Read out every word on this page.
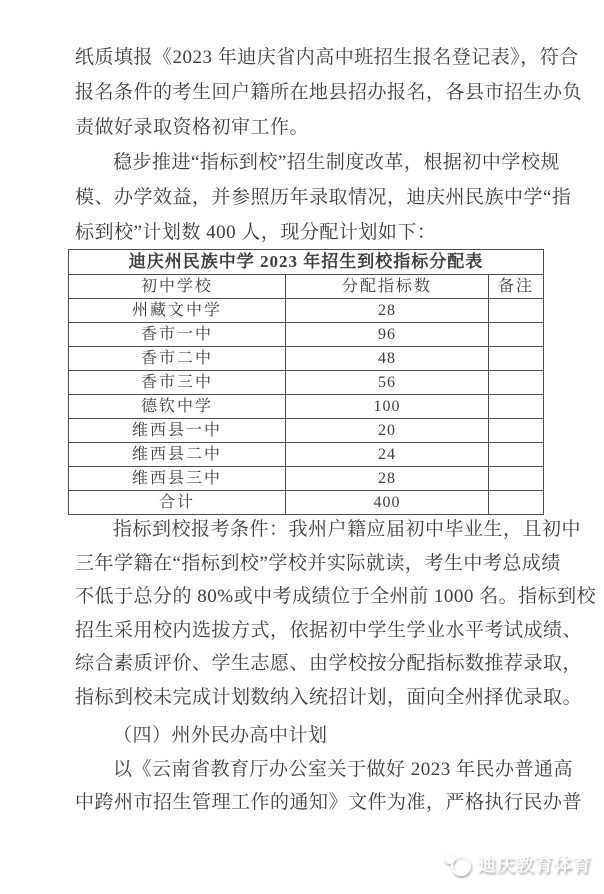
纸质填报《2023 年迪庆省内高中班招生报名登记表》，符合
报名条件的考生回户籍所在地县招办报名，各县市招生办负
责做好录取资格初审工作。
稳步推进“指标到校”招生制度改革，根据初中学校规
模、办学效益，并参照历年录取情况，迪庆州民族中学“指
标到校”计划数 400 人，现分配计划如下：
迪庆州民族中学 2023 年招生到校指标分配表		
初中学校	分配指标数	备注
州藏文中学	28	
香市一中	96	
香市二中	48	
香市三中	56	
德钦中学	100	
维西县一中	20	
维西县二中	24	
维西县三中	28	
合计	400	
指标到校报考条件：我州户籍应届初中毕业生，且初中
三年学籍在“指标到校”学校并实际就读，考生中考总成绩
不低于总分的 80%或中考成绩位于全州前 1000 名。指标到校
招生采用校内选拔方式，依据初中学生学业水平考试成绩、
综合素质评价、学生志愿、由学校按分配指标数推荐录取，
指标到校未完成计划数纳入统招计划，面向全州择优录取。
（四）州外民办高中计划
以《云南省教育厅办公室关于做好 2023 年民办普通高
中跨州市招生管理工作的通知》文件为准，严格执行民办普
迪庆教育体育
